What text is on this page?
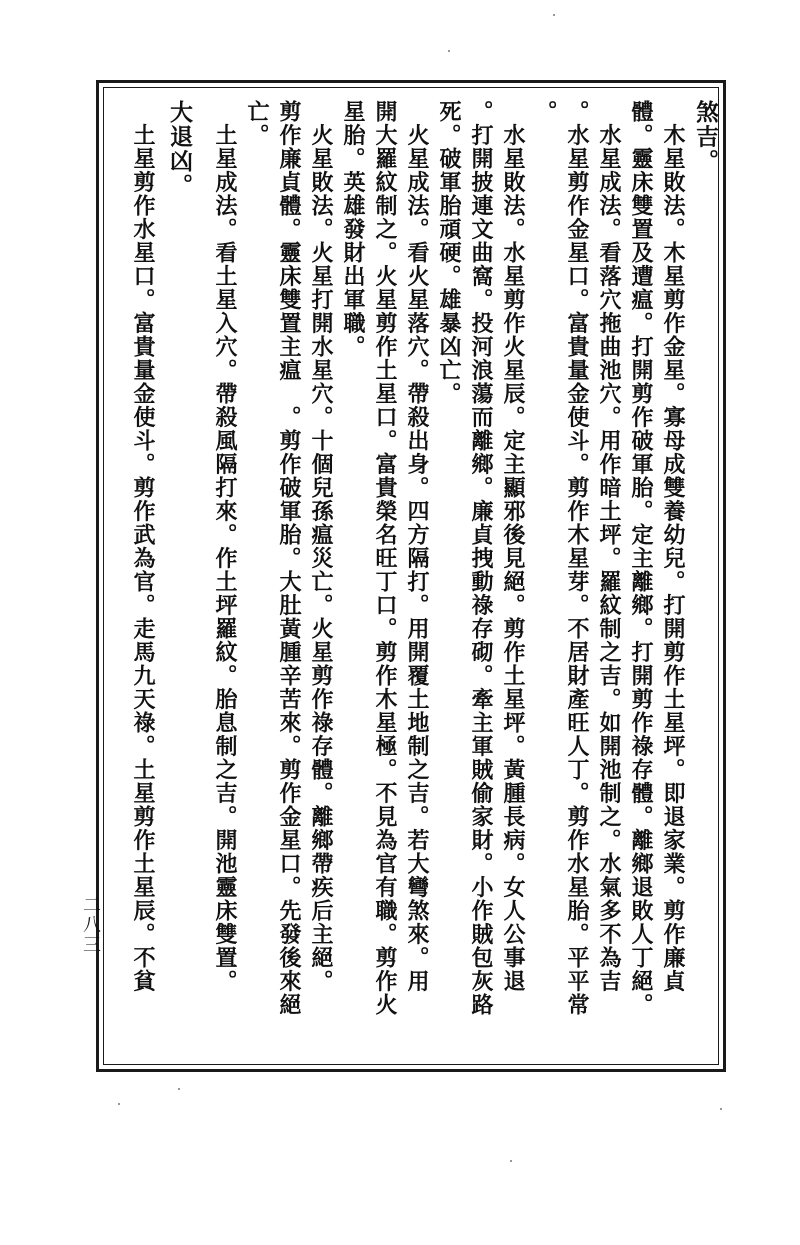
煞吉。
　木星敗法。木星剪作金星。寡母成雙養幼兒。打開剪作土星坪。即退家業。剪作廉貞
體。靈床雙置及遭瘟。打開剪作破軍胎。定主離鄉。打開剪作祿存體。離鄉退敗人丁絕。
　水星成法。看落穴拖曲池穴。用作暗土坪。羅紋制之吉。如開池制之。水氣多不為吉
。水星剪作金星口。富貴量金使斗。剪作木星芽。不居財產旺人丁。剪作水星胎。平平常
。
　水星敗法。水星剪作火星辰。定主顯邪後見絕。剪作土星坪。黃腫長病。女人公事退
。打開披連文曲窩。投河浪蕩而離鄉。廉貞拽動祿存砌。牽主軍賊偷家財。小作賊包灰路
死。破軍胎頑硬。雄暴凶亡。
　火星成法。看火星落穴。帶殺出身。四方隔打。用開覆土地制之吉。若大彎煞來。用
開大羅紋制之。火星剪作土星口。富貴榮名旺丁口。剪作木星極。不見為官有職。剪作火
星胎。英雄發財出軍職。
　火星敗法。火星打開水星穴。十個兒孫瘟災亡。火星剪作祿存體。離鄉帶疾后主絕。
剪作廉貞體。靈床雙置主瘟　。剪作破軍胎。大肚黃腫辛苦來。剪作金星口。先發後來絕
亡。
　土星成法。看土星入穴。帶殺風隔打來。作土坪羅紋。胎息制之吉。開池靈床雙置。
大退凶。
　土星剪作水星口。富貴量金使斗。剪作武為官。走馬九天祿。土星剪作土星辰。不貧
二八三
